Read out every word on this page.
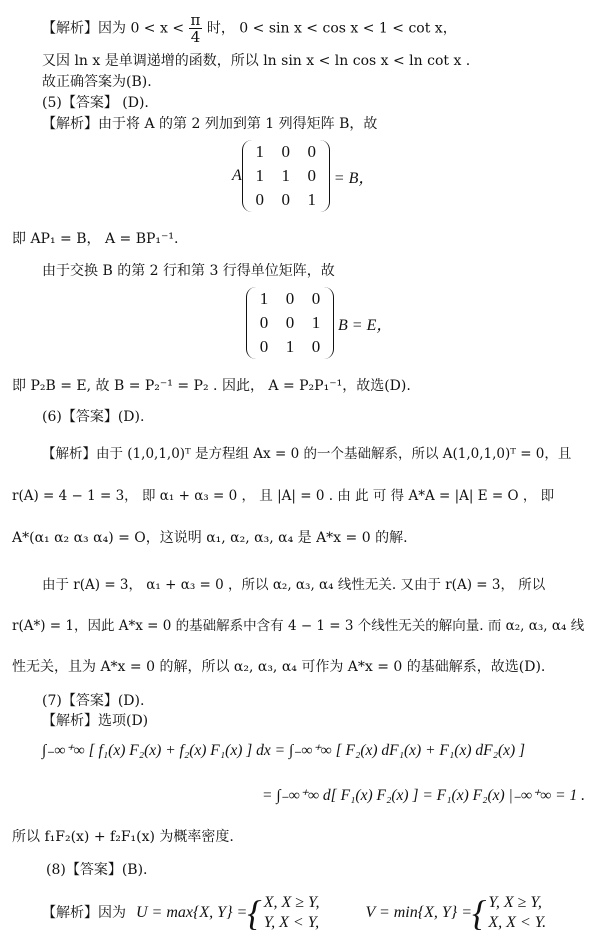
【解析】因为 $0 < x < \frac{\pi}{4}$ 时， 0 < sin x < cos x < 1 < cot x，
又因 ln x 是单调递增的函数，所以 ln sin x < ln cos x < ln cot x .
故正确答案为(B).
(5)【答案】 (D).
【解析】由于将 A 的第 2 列加到第 1 列得矩阵 B，故
A
1	0	0
1	1	0
0	0	1
= B，
即 AP₁ = B， A = BP₁⁻¹.
由于交换 B 的第 2 行和第 3 行得单位矩阵，故
1	0	0
0	0	1
0	1	0
B = E，
即 P₂B = E, 故 B = P₂⁻¹ = P₂ . 因此， A = P₂P₁⁻¹，故选(D).
(6)【答案】(D).
【解析】由于 (1,0,1,0)ᵀ 是方程组 Ax = 0 的一个基础解系，所以 A(1,0,1,0)ᵀ = 0，且
r(A) = 4 − 1 = 3， 即 α₁ + α₃ = 0 ， 且 |A| = 0 . 由 此 可 得 A*A = |A| E = O ， 即
A*(α₁ α₂ α₃ α₄) = O，这说明 α₁, α₂, α₃, α₄ 是 A*x = 0 的解.
由于 r(A) = 3， α₁ + α₃ = 0 ，所以 α₂, α₃, α₄ 线性无关. 又由于 r(A) = 3， 所以
r(A*) = 1，因此 A*x = 0 的基础解系中含有 4 − 1 = 3 个线性无关的解向量. 而 α₂, α₃, α₄ 线
性无关，且为 A*x = 0 的解，所以 α₂, α₃, α₄ 可作为 A*x = 0 的基础解系，故选(D).
(7)【答案】(D).
【解析】选项(D)
∫₋∞⁺∞ [ f₁(x) F₂(x) + f₂(x) F₁(x) ] dx = ∫₋∞⁺∞ [ F₂(x) dF₁(x) + F₁(x) dF₂(x) ]
= ∫₋∞⁺∞ d[ F₁(x) F₂(x) ] = F₁(x) F₂(x) |₋∞⁺∞ = 1 .
所以 f₁F₂(x) + f₂F₁(x) 为概率密度.
(8)【答案】(B).
【解析】因为 U = max{X, Y} = { X, X ≥ Y,
Y, X < Y,
V = min{X, Y} = { Y, X ≥ Y,
X, X < Y.
